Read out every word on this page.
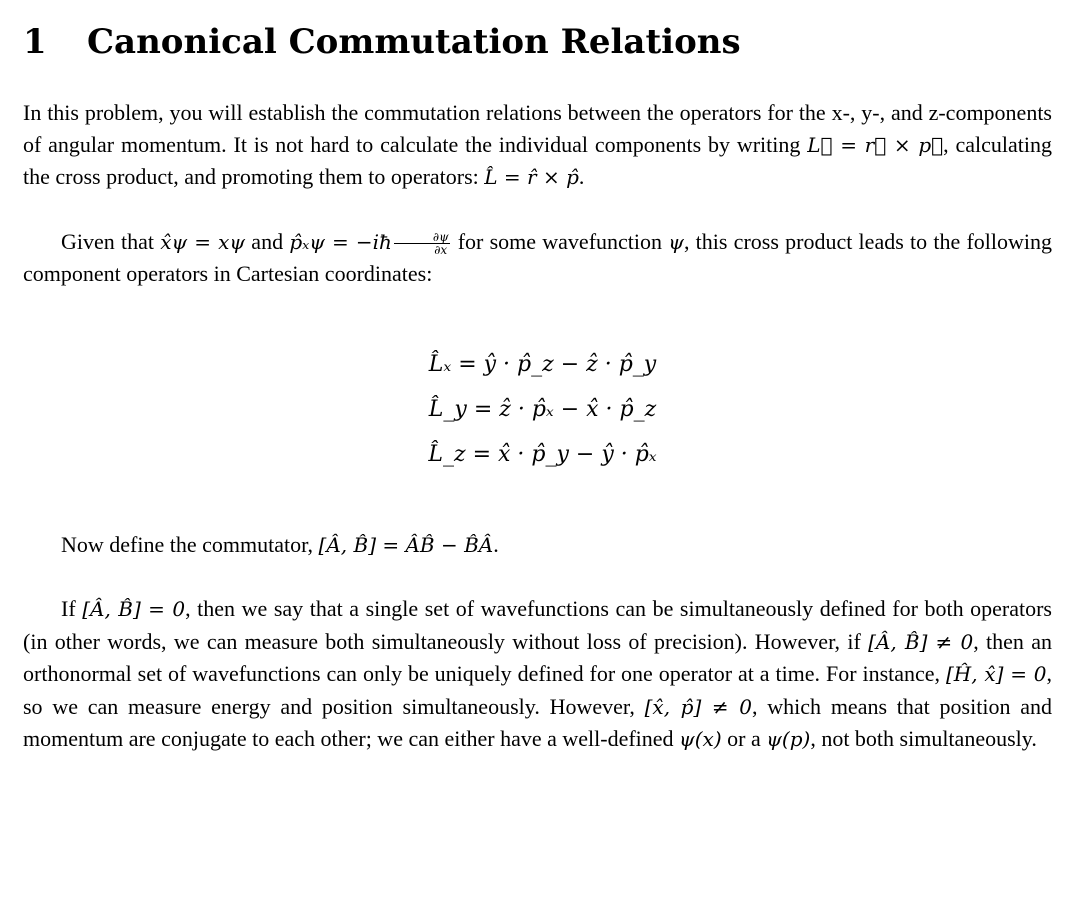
1	Canonical Commutation Relations

In this problem, you will establish the commutation relations between the operators for the x-, y-, and z-components of angular momentum. It is not hard to calculate the individual components by writing L⃗ = r⃗ × p⃗, calculating the cross product, and promoting them to operators: L̂ = r̂ × p̂.

Given that x̂ψ = xψ and p̂ₓψ = −iħ $\frac{\partial\psi}{\partial x}$ for some wavefunction ψ, this cross product leads to the following component operators in Cartesian coordinates:

L̂ₓ = ŷ · p̂_z − ẑ · p̂_y
L̂_y = ẑ · p̂ₓ − x̂ · p̂_z
L̂_z = x̂ · p̂_y − ŷ · p̂ₓ

Now define the commutator, [Â, B̂] = ÂB̂ − B̂Â.

If [Â, B̂] = 0, then we say that a single set of wavefunctions can be simultaneously defined for both operators (in other words, we can measure both simultaneously without loss of precision). However, if [Â, B̂] ≠ 0, then an orthonormal set of wavefunctions can only be uniquely defined for one operator at a time. For instance, [Ĥ, x̂] = 0, so we can measure energy and position simultaneously. However, [x̂, p̂] ≠ 0, which means that position and momentum are conjugate to each other; we can either have a well-defined ψ(x) or a ψ(p), not both simultaneously.
